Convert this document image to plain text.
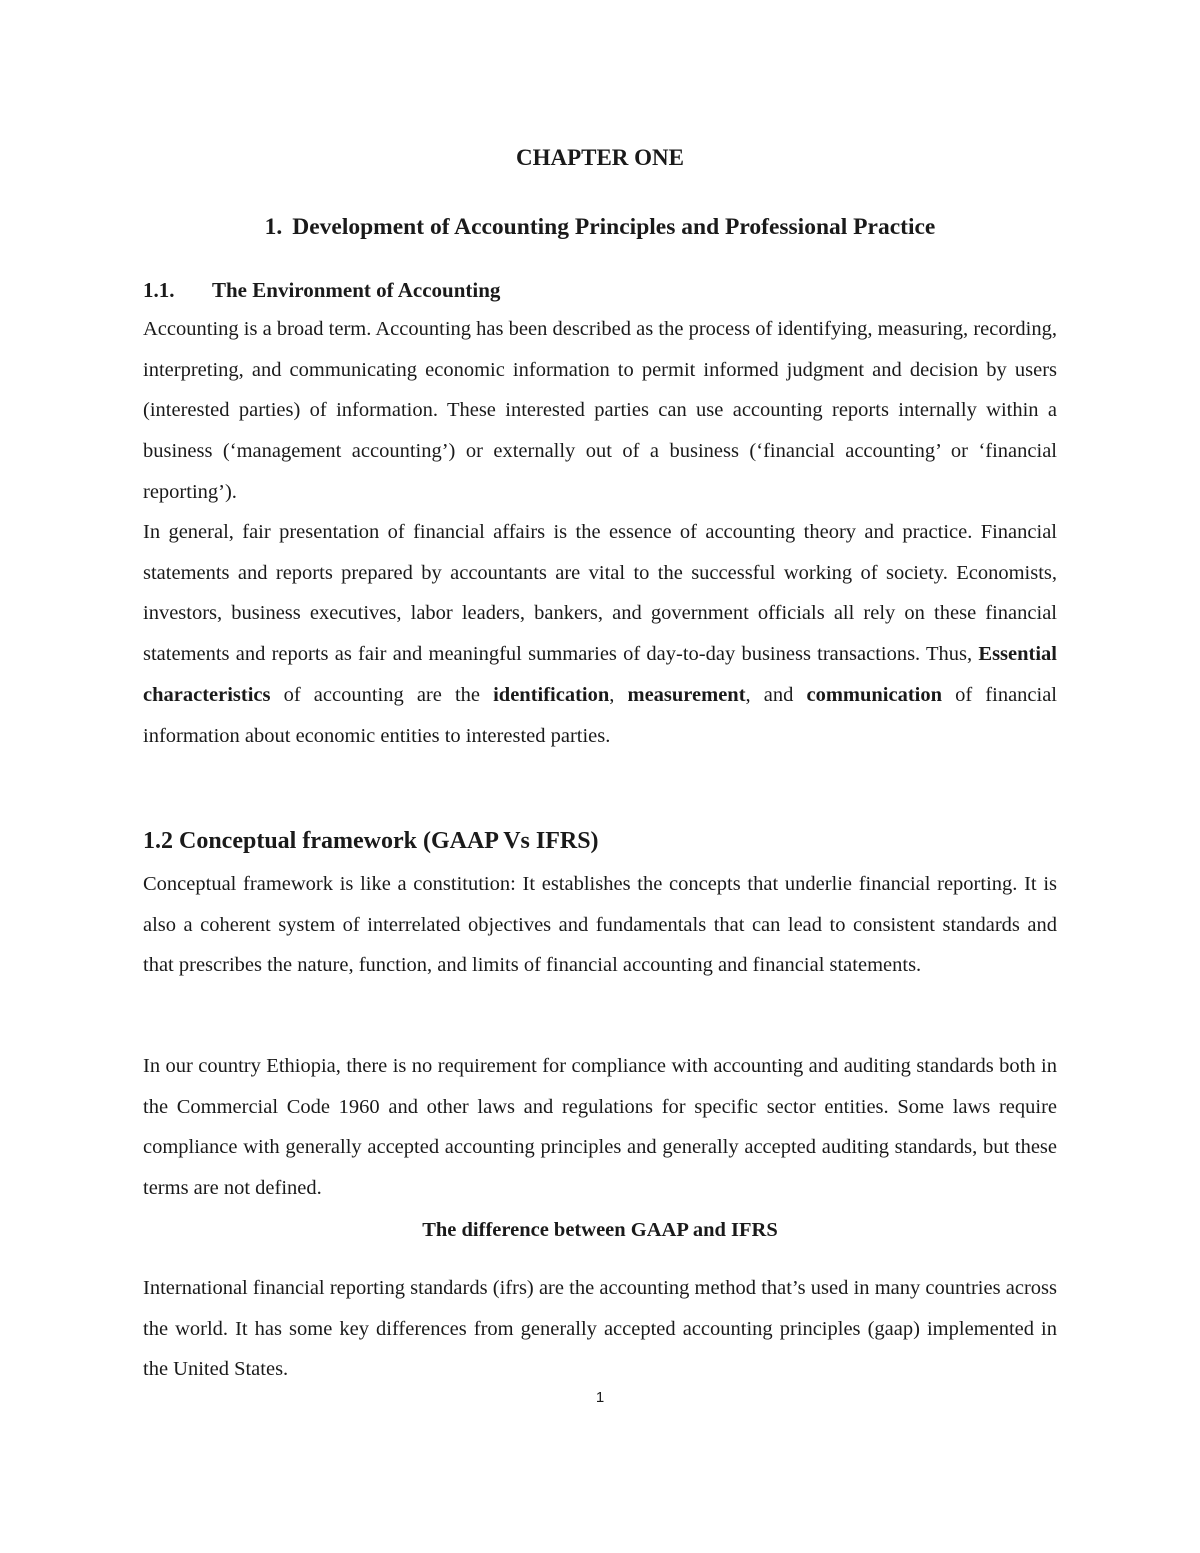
CHAPTER ONE
1. Development of Accounting Principles and Professional Practice
1.1. The Environment of Accounting

Accounting is a broad term. Accounting has been described as the process of identifying, measuring, recording, interpreting, and communicating economic information to permit informed judgment and decision by users (interested parties) of information. These interested parties can use accounting reports internally within a business (‘management accounting’) or externally out of a business (‘financial accounting’ or ‘financial reporting’).

In general, fair presentation of financial affairs is the essence of accounting theory and practice. Financial statements and reports prepared by accountants are vital to the successful working of society. Economists, investors, business executives, labor leaders, bankers, and government officials all rely on these financial statements and reports as fair and meaningful summaries of day-to-day business transactions. Thus, Essential characteristics of accounting are the identification, measurement, and communication of financial information about economic entities to interested parties.

1.2 Conceptual framework (GAAP Vs IFRS)

Conceptual framework is like a constitution: It establishes the concepts that underlie financial reporting. It is also a coherent system of interrelated objectives and fundamentals that can lead to consistent standards and that prescribes the nature, function, and limits of financial accounting and financial statements.

In our country Ethiopia, there is no requirement for compliance with accounting and auditing standards both in the Commercial Code 1960 and other laws and regulations for specific sector entities. Some laws require compliance with generally accepted accounting principles and generally accepted auditing standards, but these terms are not defined.

The difference between GAAP and IFRS

International financial reporting standards (ifrs) are the accounting method that’s used in many countries across the world. It has some key differences from generally accepted accounting principles (gaap) implemented in the United States.

1
